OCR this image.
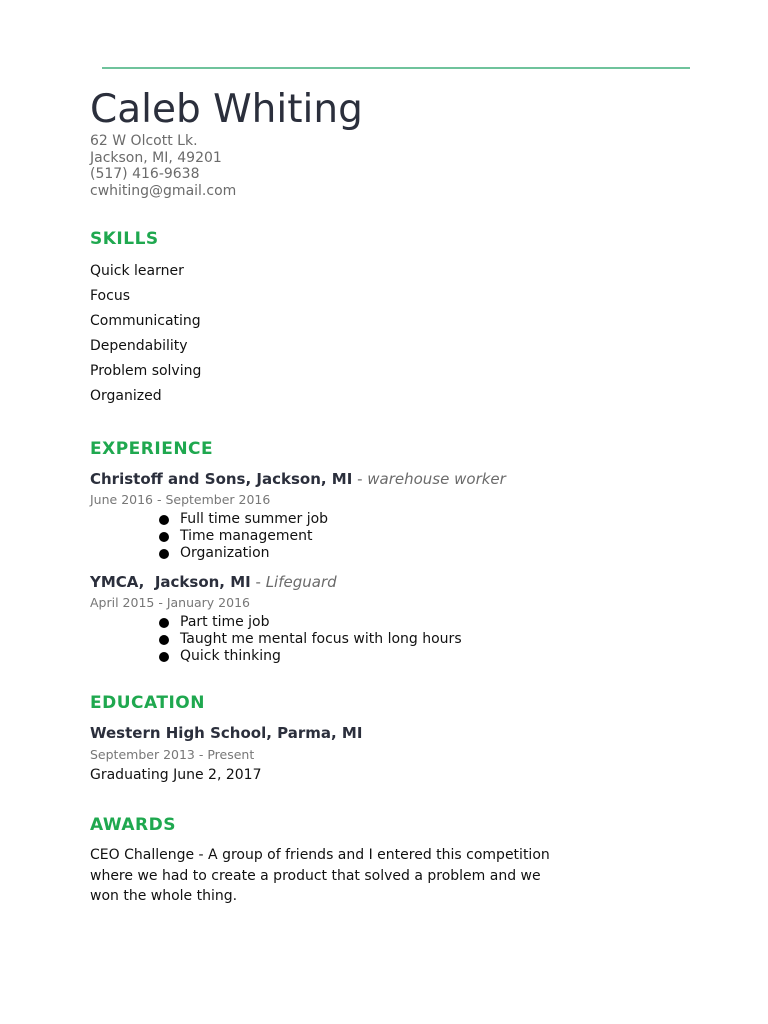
Caleb Whiting
62 W Olcott Lk.
Jackson, MI, 49201
(517) 416-9638
cwhiting@gmail.com
SKILLS
Quick learner
Focus
Communicating
Dependability
Problem solving
Organized
EXPERIENCE
Christoff and Sons, Jackson, MI - warehouse worker
June 2016 - September 2016
Full time summer job
Time management
Organization
YMCA,  Jackson, MI - Lifeguard
April 2015 - January 2016
Part time job
Taught me mental focus with long hours
Quick thinking
EDUCATION
Western High School, Parma, MI
September 2013 - Present
Graduating June 2, 2017
AWARDS
CEO Challenge - A group of friends and I entered this competition where we had to create a product that solved a problem and we won the whole thing.
